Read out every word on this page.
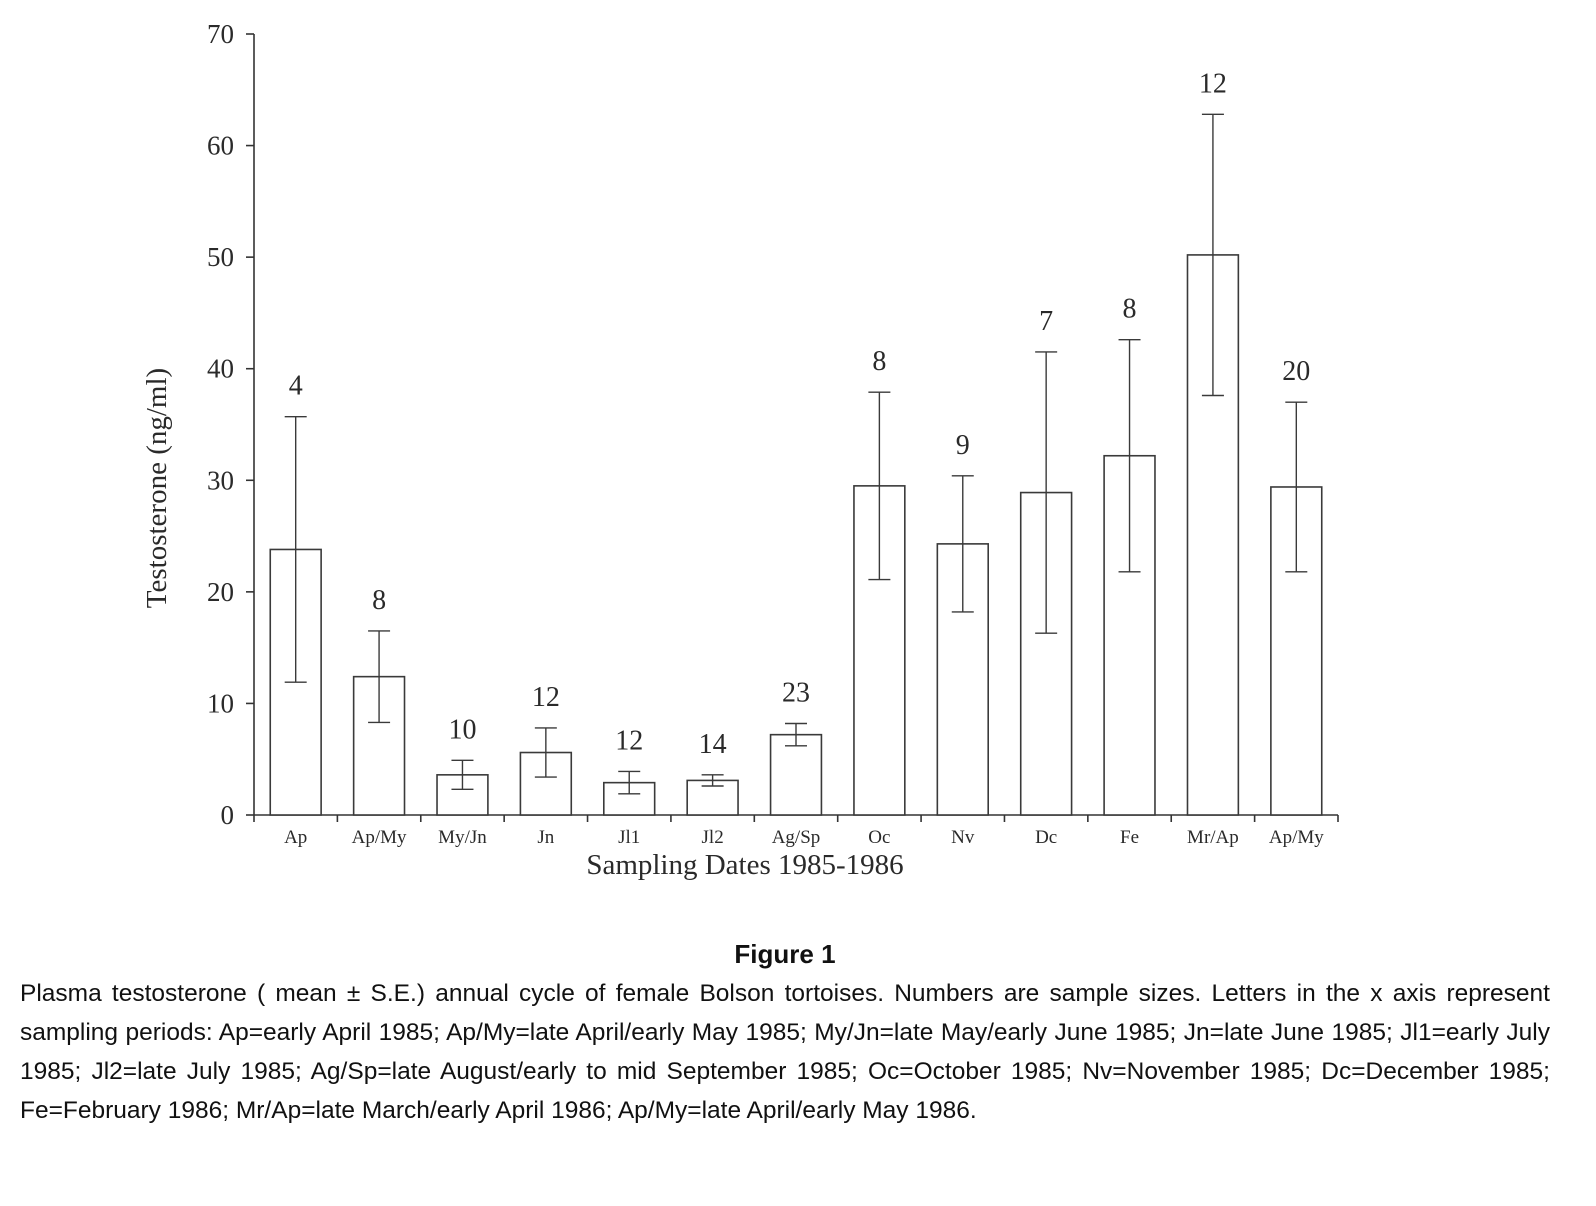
0
10
20
30
40
50
60
70
Ap Ap/My My/Jn	Jn	Jl1	Jl2	Ag/Sp	Oc	Nv	Dc	Fe	Mr/Ap Ap/My
4
8
10
12
12 14
23
8
9
7 8
12
20
Testosterone (ng/ml)
Sampling Dates 1985-1986
Figure 1

Plasma testosterone ( mean ± S.E.) annual cycle of female Bolson tortoises. Numbers are sample sizes. Letters in the x axis represent sampling periods: Ap=early April 1985; Ap/My=late April/early May 1985; My/Jn=late May/early June 1985; Jn=late June 1985; Jl1=early July 1985; Jl2=late July 1985; Ag/Sp=late August/early to mid September 1985; Oc=October 1985; Nv=November 1985; Dc=December 1985; Fe=February 1986; Mr/Ap=late March/early April 1986; Ap/My=late April/early May 1986.
